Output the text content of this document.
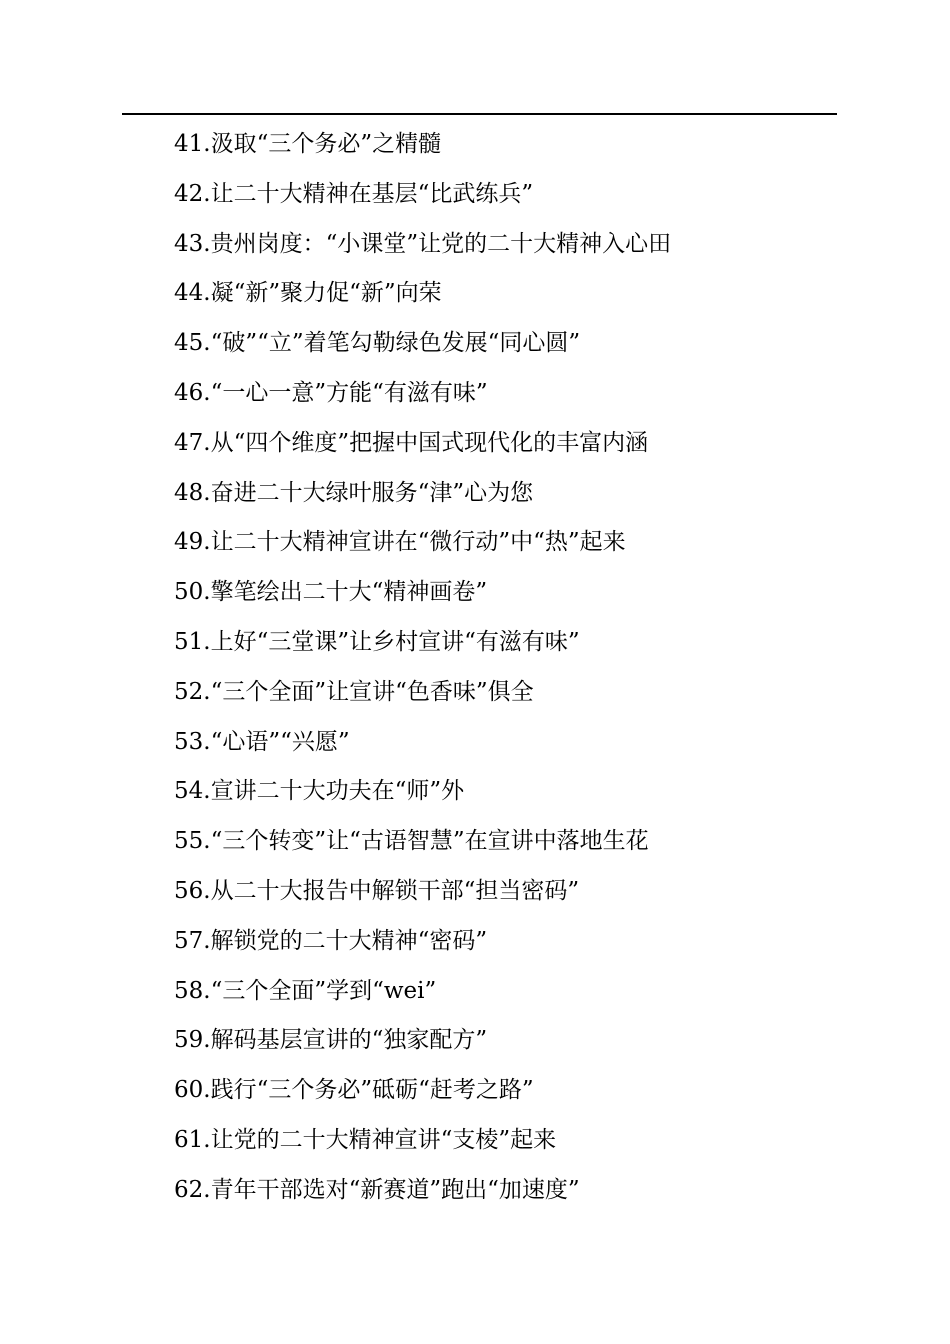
41.汲取“三个务必”之精髓
42.让二十大精神在基层“比武练兵”
43.贵州岗度：“小课堂”让党的二十大精神入心田
44.凝“新”聚力促“新”向荣
45.“破”“立”着笔勾勒绿色发展“同心圆”
46.“一心一意”方能“有滋有味”
47.从“四个维度”把握中国式现代化的丰富内涵
48.奋进二十大绿叶服务“津”心为您
49.让二十大精神宣讲在“微行动”中“热”起来
50.擎笔绘出二十大“精神画卷”
51.上好“三堂课”让乡村宣讲“有滋有味”
52.“三个全面”让宣讲“色香味”俱全
53.“心语”“兴愿”
54.宣讲二十大功夫在“师”外
55.“三个转变”让“古语智慧”在宣讲中落地生花
56.从二十大报告中解锁干部“担当密码”
57.解锁党的二十大精神“密码”
58.“三个全面”学到“wei”
59.解码基层宣讲的“独家配方”
60.践行“三个务必”砥砺“赶考之路”
61.让党的二十大精神宣讲“支棱”起来
62.青年干部选对“新赛道”跑出“加速度”
